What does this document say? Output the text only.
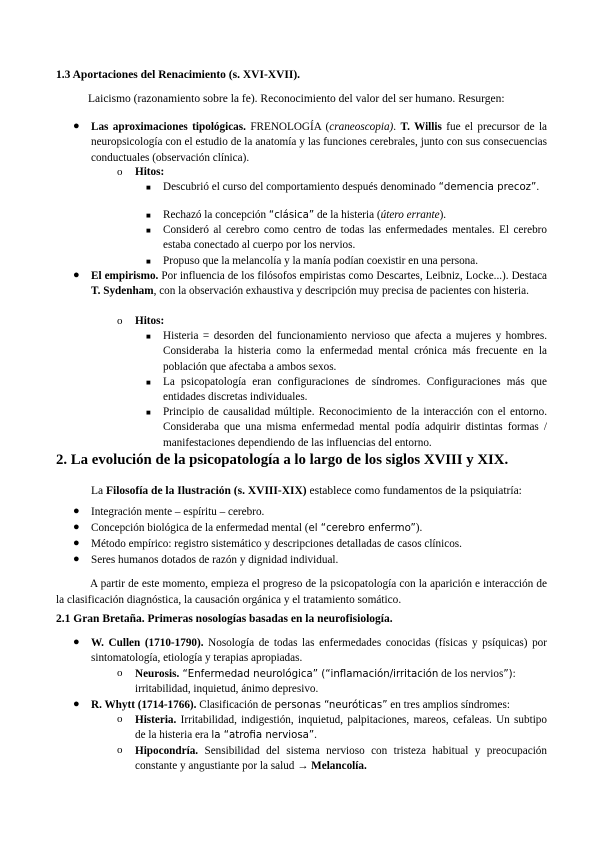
1.3 Aportaciones del Renacimiento (s. XVI-XVII).

Laicismo (razonamiento sobre la fe). Reconocimiento del valor del ser humano. Resurgen:

● Las aproximaciones tipológicas. FRENOLOGÍA (craneoscopia). T. Willis fue el precursor de la neuropsicología con el estudio de la anatomía y las funciones cerebrales, junto con sus consecuencias conductuales (observación clínica).
o Hitos:
■ Descubrió el curso del comportamiento después denominado “demencia precoz”.
■ Rechazó la concepción “clásica” de la histeria (útero errante).
■ Consideró al cerebro como centro de todas las enfermedades mentales. El cerebro estaba conectado al cuerpo por los nervios.
■ Propuso que la melancolía y la manía podían coexistir en una persona.
● El empirismo. Por influencia de los filósofos empiristas como Descartes, Leibniz, Locke...). Destaca T. Sydenham, con la observación exhaustiva y descripción muy precisa de pacientes con histeria.
o Hitos:
■ Histeria = desorden del funcionamiento nervioso que afecta a mujeres y hombres. Consideraba la histeria como la enfermedad mental crónica más frecuente en la población que afectaba a ambos sexos.
■ La psicopatología eran configuraciones de síndromes. Configuraciones más que entidades discretas individuales.
■ Principio de causalidad múltiple. Reconocimiento de la interacción con el entorno. Consideraba que una misma enfermedad mental podía adquirir distintas formas / manifestaciones dependiendo de las influencias del entorno.

2. La evolución de la psicopatología a lo largo de los siglos XVIII y XIX.

La Filosofía de la Ilustración (s. XVIII-XIX) establece como fundamentos de la psiquiatría:
● Integración mente – espíritu – cerebro.
● Concepción biológica de la enfermedad mental (el “cerebro enfermo”).
● Método empírico: registro sistemático y descripciones detalladas de casos clínicos.
● Seres humanos dotados de razón y dignidad individual.

A partir de este momento, empieza el progreso de la psicopatología con la aparición e interacción de la clasificación diagnóstica, la causación orgánica y el tratamiento somático.

2.1 Gran Bretaña. Primeras nosologías basadas en la neurofisiología.

● W. Cullen (1710-1790). Nosología de todas las enfermedades conocidas (físicas y psíquicas) por sintomatología, etiología y terapias apropiadas.
o Neurosis. “Enfermedad neurológica” (“inflamación/irritación de los nervios”): irritabilidad, inquietud, ánimo depresivo.
● R. Whytt (1714-1766). Clasificación de personas “neuróticas” en tres amplios síndromes:
o Histeria. Irritabilidad, indigestión, inquietud, palpitaciones, mareos, cefaleas. Un subtipo de la histeria era la “atrofia nerviosa”.
o Hipocondría. Sensibilidad del sistema nervioso con tristeza habitual y preocupación constante y angustiante por la salud → Melancolía.
